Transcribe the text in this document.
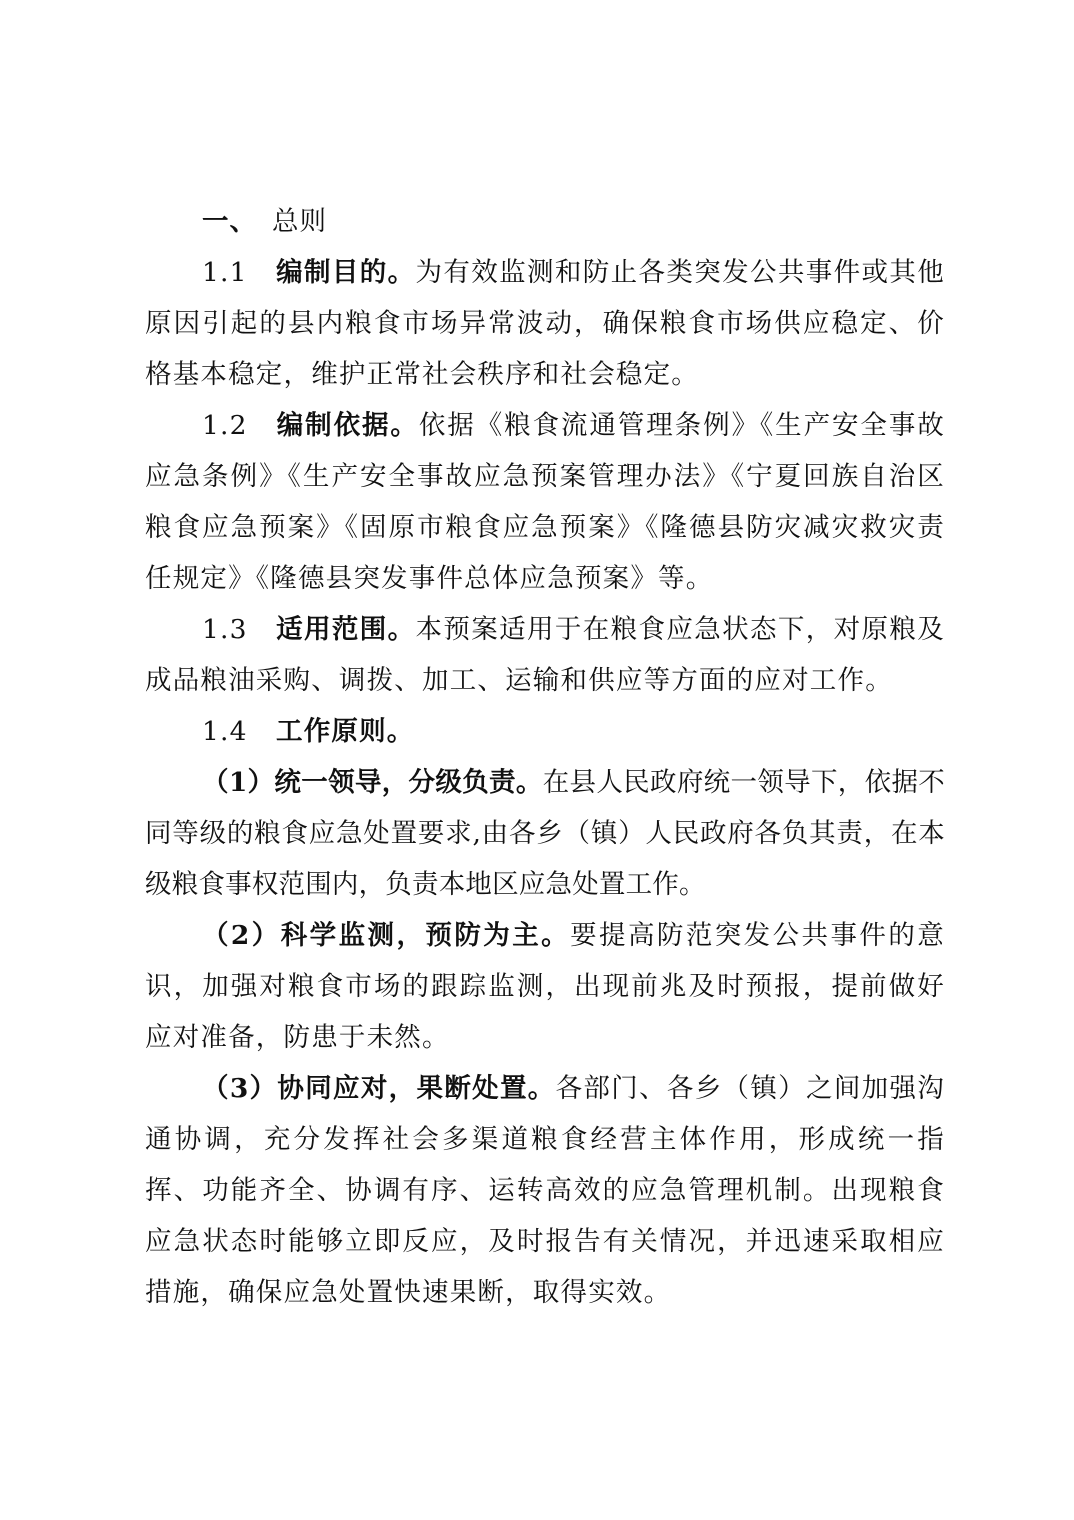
一、 总则

1.1 编制目的。为有效监测和防止各类突发公共事件或其他原因引起的县内粮食市场异常波动，确保粮食市场供应稳定、价格基本稳定，维护正常社会秩序和社会稳定。

1.2 编制依据。依据《粮食流通管理条例》《生产安全事故应急条例》《生产安全事故应急预案管理办法》《宁夏回族自治区粮食应急预案》《固原市粮食应急预案》《隆德县防灾减灾救灾责任规定》《隆德县突发事件总体应急预案》等。

1.3 适用范围。本预案适用于在粮食应急状态下，对原粮及成品粮油采购、调拨、加工、运输和供应等方面的应对工作。

1.4 工作原则。

（1）统一领导，分级负责。在县人民政府统一领导下，依据不同等级的粮食应急处置要求,由各乡（镇）人民政府各负其责，在本级粮食事权范围内，负责本地区应急处置工作。

（2）科学监测，预防为主。要提高防范突发公共事件的意识，加强对粮食市场的跟踪监测，出现前兆及时预报，提前做好应对准备，防患于未然。

（3）协同应对，果断处置。各部门、各乡（镇）之间加强沟通协调，充分发挥社会多渠道粮食经营主体作用，形成统一指挥、功能齐全、协调有序、运转高效的应急管理机制。出现粮食应急状态时能够立即反应，及时报告有关情况，并迅速采取相应措施，确保应急处置快速果断，取得实效。
